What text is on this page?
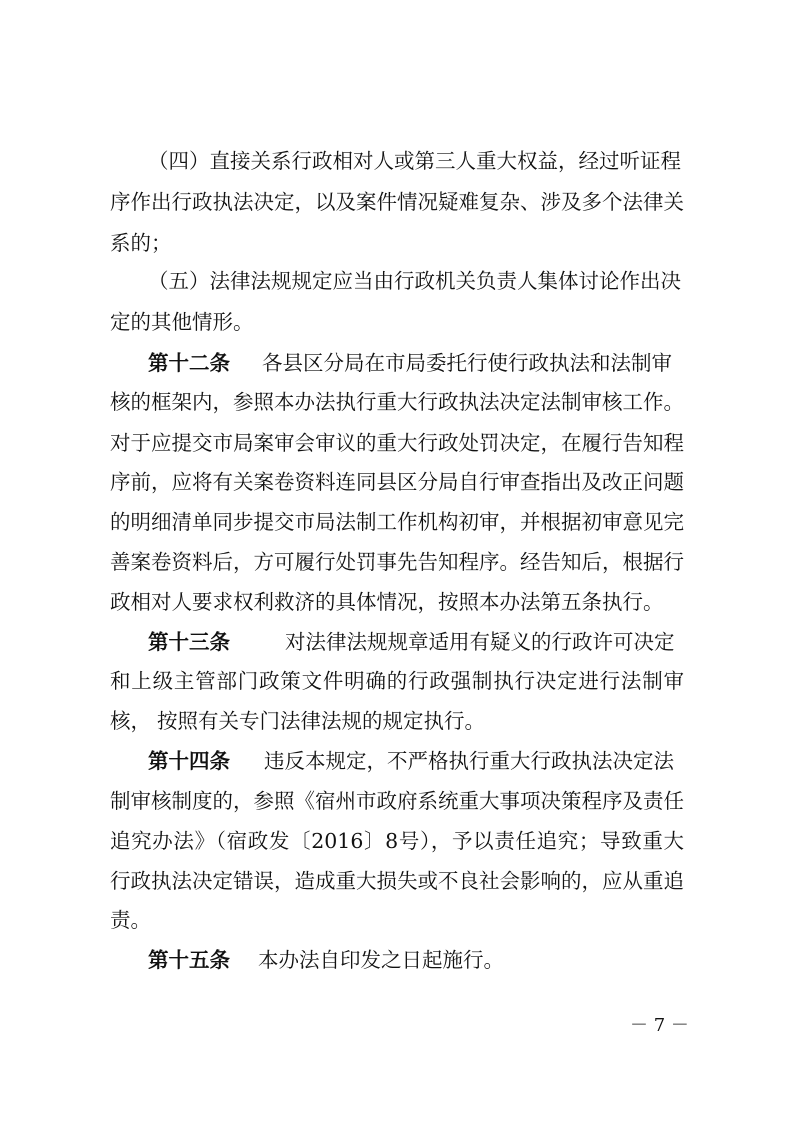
（四）直接关系行政相对人或第三人重大权益，经过听证程
序作出行政执法决定，以及案件情况疑难复杂、涉及多个法律关
系的；
（五）法律法规规定应当由行政机关负责人集体讨论作出决
定的其他情形。
第十二条 各县区分局在市局委托行使行政执法和法制审
核的框架内，参照本办法执行重大行政执法决定法制审核工作。
对于应提交市局案审会审议的重大行政处罚决定，在履行告知程
序前，应将有关案卷资料连同县区分局自行审查指出及改正问题
的明细清单同步提交市局法制工作机构初审，并根据初审意见完
善案卷资料后，方可履行处罚事先告知程序。经告知后，根据行
政相对人要求权利救济的具体情况，按照本办法第五条执行。
第十三条	对法律法规规章适用有疑义的行政许可决定
和上级主管部门政策文件明确的行政强制执行决定进行法制审
核， 按照有关专门法律法规的规定执行。
第十四条 违反本规定，不严格执行重大行政执法决定法
制审核制度的，参照《宿州市政府系统重大事项决策程序及责任
追究办法》（宿政发〔2016〕8号），予以责任追究；导致重大
行政执法决定错误，造成重大损失或不良社会影响的，应从重追
责。
第十五条 本办法自印发之日起施行。
－ 7 －
